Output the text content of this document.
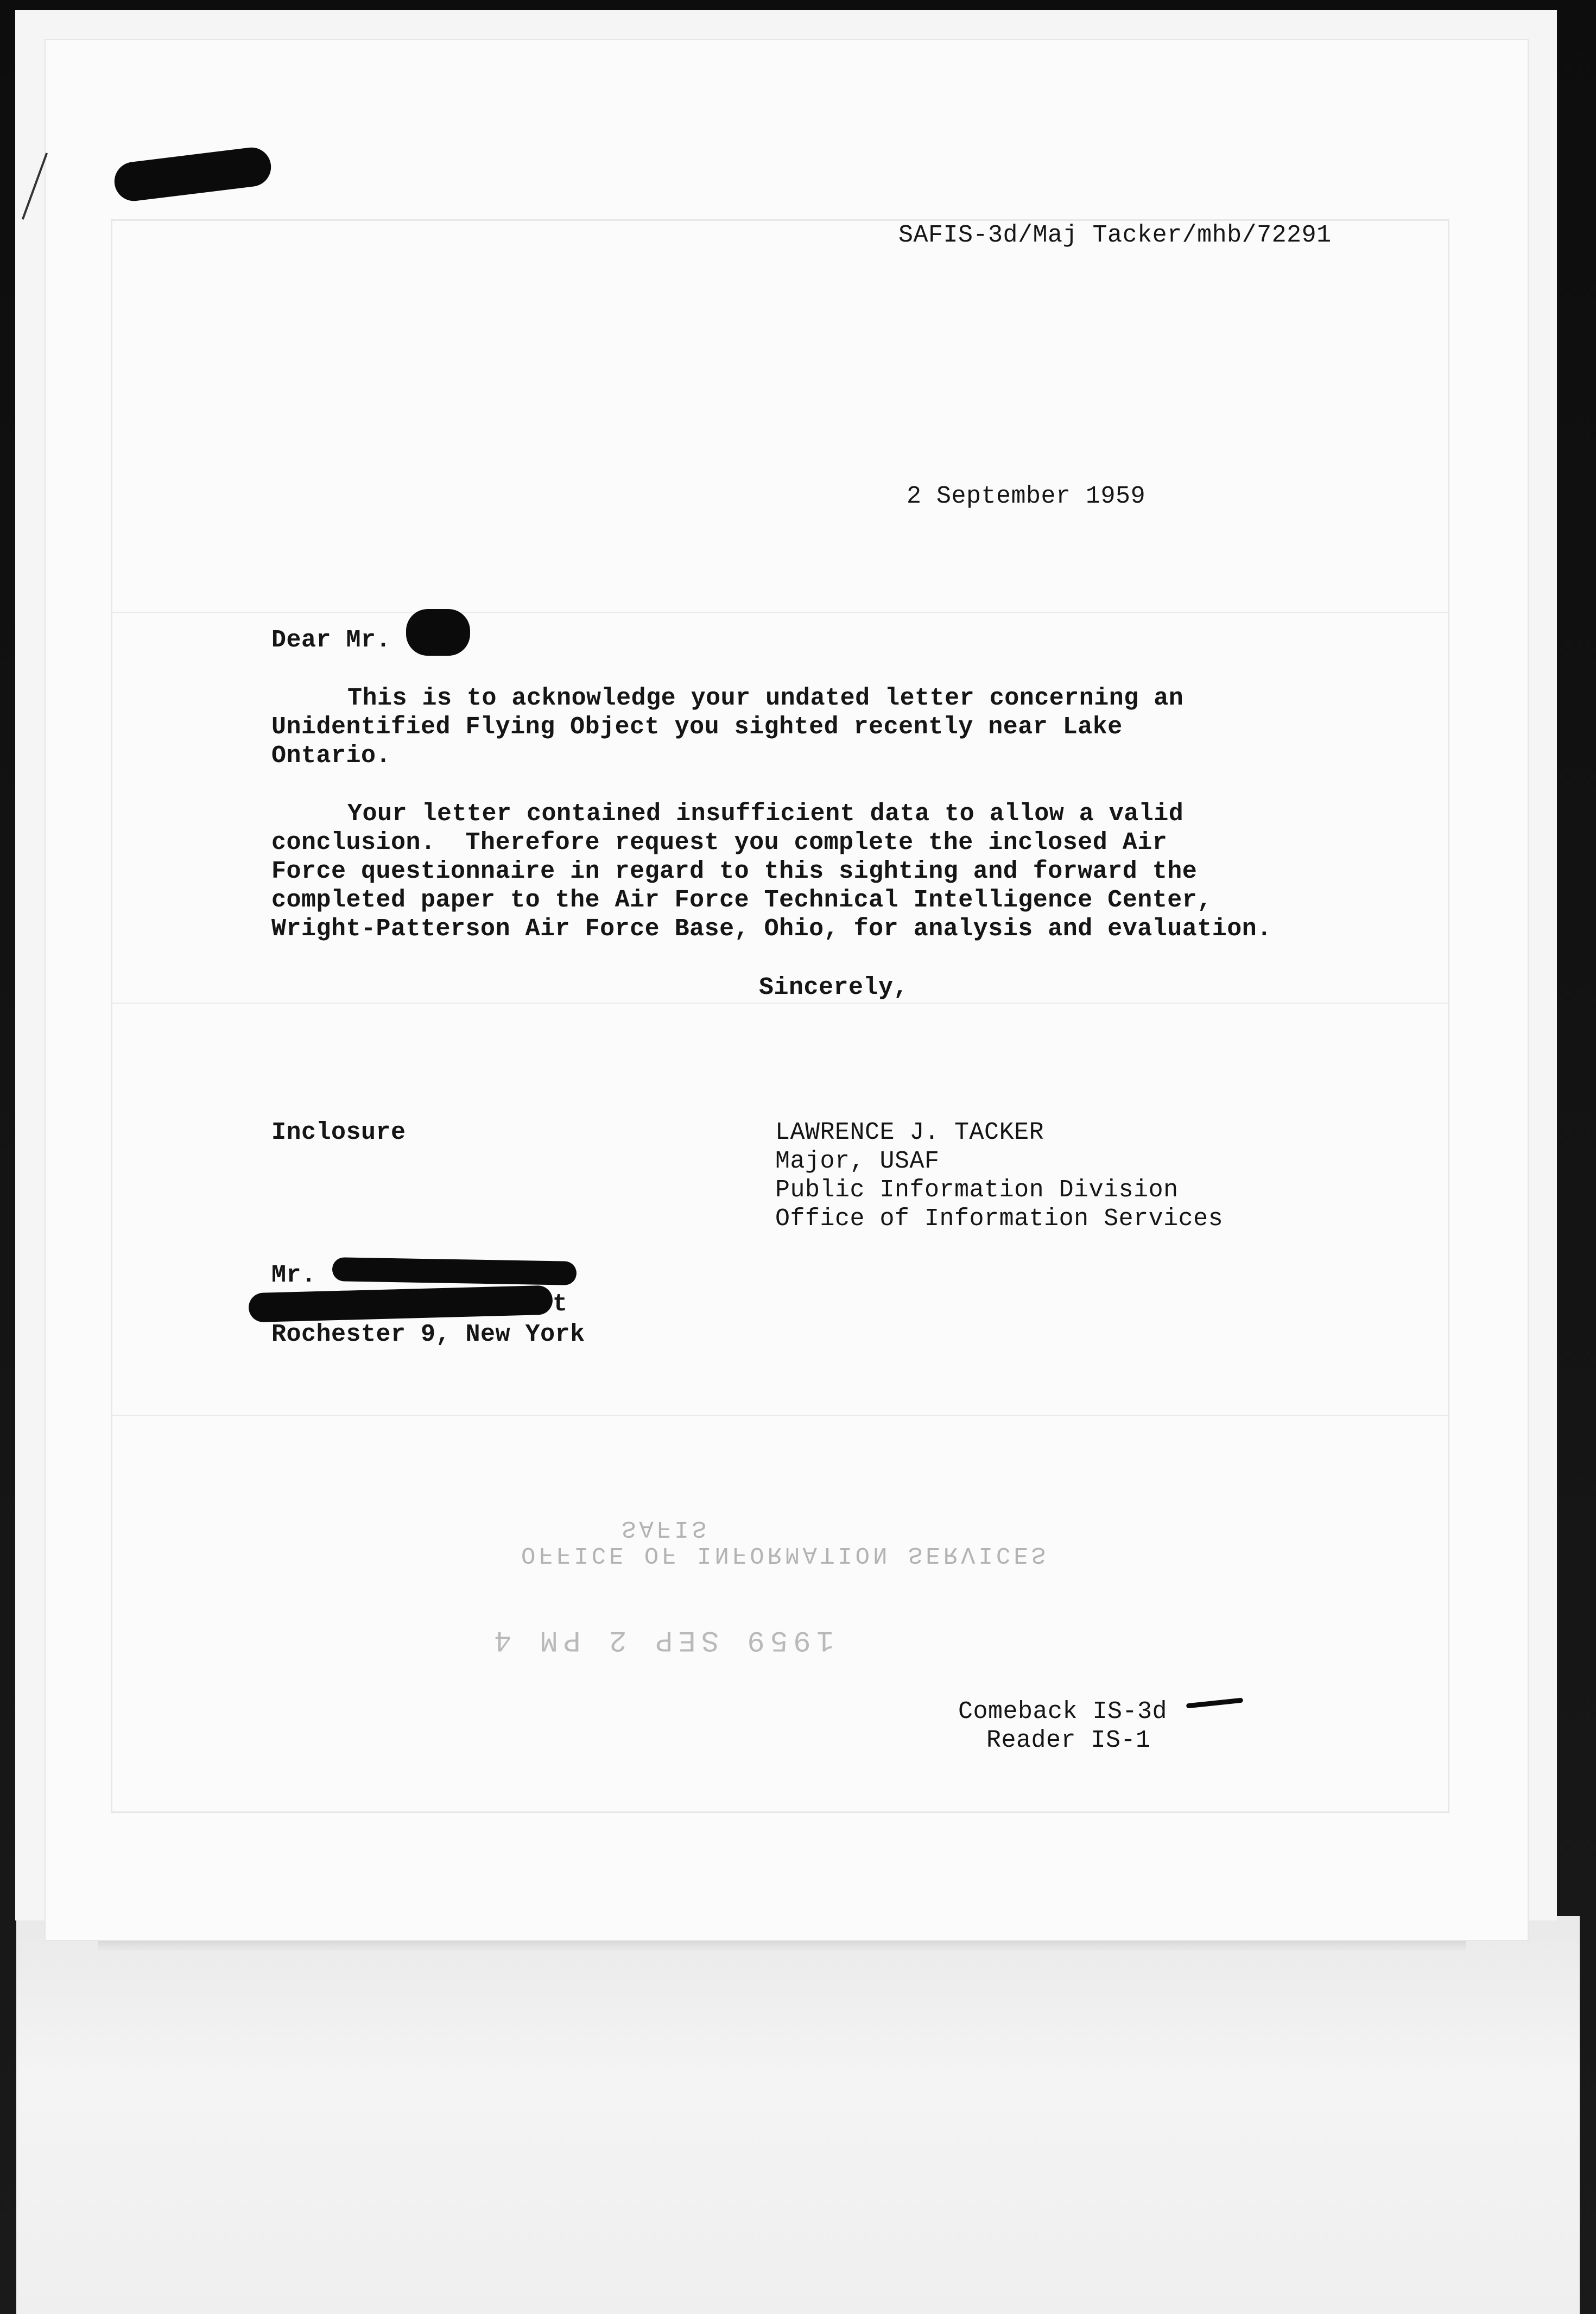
SAFIS-3d/Maj Tacker/mhb/72291
2 September 1959
Dear Mr.
This is to acknowledge your undated letter concerning an
Unidentified Flying Object you sighted recently near Lake
Ontario.
Your letter contained insufficient data to allow a valid
conclusion.  Therefore request you complete the inclosed Air
Force questionnaire in regard to this sighting and forward the
completed paper to the Air Force Technical Intelligence Center,
Wright-Patterson Air Force Base, Ohio, for analysis and evaluation.
Sincerely,
Inclosure	LAWRENCE J. TACKER
Major, USAF
Public Information Division
Office of Information Services
Mr.
t
Rochester 9, New York
SAFIS
OFFICE OF INFORMATION SERVICES
1959 SEP 2 PM 4
Comeback IS-3d
Reader IS-1
